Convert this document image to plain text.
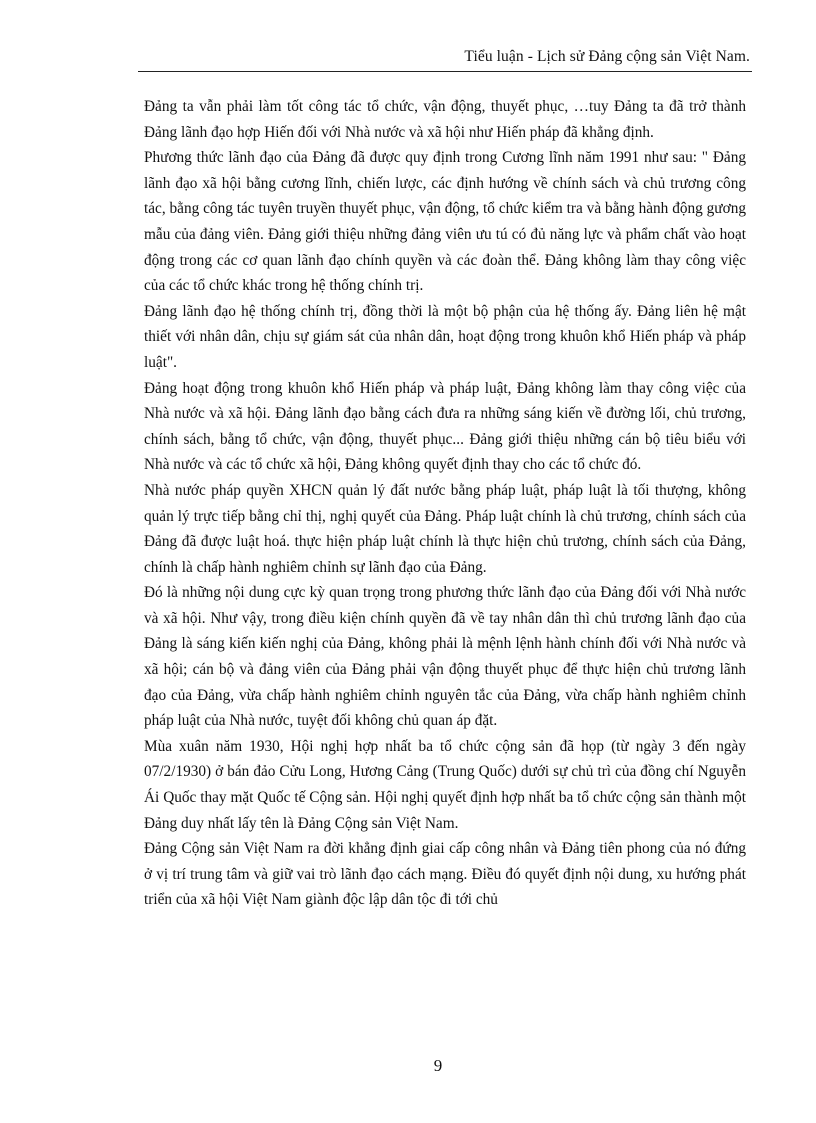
Tiểu luận - Lịch sử Đảng cộng sản Việt Nam.

Đảng ta vẫn phải làm tốt công tác tổ chức, vận động, thuyết phục, …tuy Đảng ta đã trở thành Đảng lãnh đạo hợp Hiến đối với Nhà nước và xã hội như Hiến pháp đã khẳng định.

Phương thức lãnh đạo của Đảng đã được quy định trong Cương lĩnh năm 1991 như sau: " Đảng lãnh đạo xã hội bằng cương lĩnh, chiến lược, các định hướng về chính sách và chủ trương công tác, bằng công tác tuyên truyền thuyết phục, vận động, tổ chức kiểm tra và bằng hành động gương mẫu của đảng viên. Đảng giới thiệu những đảng viên ưu tú có đủ năng lực và phẩm chất vào hoạt động trong các cơ quan lãnh đạo chính quyền và các đoàn thể. Đảng không làm thay công việc của các tổ chức khác trong hệ thống chính trị.

Đảng lãnh đạo hệ thống chính trị, đồng thời là một bộ phận của hệ thống ấy. Đảng liên hệ mật thiết với nhân dân, chịu sự giám sát của nhân dân, hoạt động trong khuôn khổ Hiến pháp và pháp luật".

Đảng hoạt động trong khuôn khổ Hiến pháp và pháp luật, Đảng không làm thay công việc của Nhà nước và xã hội. Đảng lãnh đạo bằng cách đưa ra những sáng kiến về đường lối, chủ trương, chính sách, bằng tổ chức, vận động, thuyết phục... Đảng giới thiệu những cán bộ tiêu biểu với Nhà nước và các tổ chức xã hội, Đảng không quyết định thay cho các tổ chức đó.

Nhà nước pháp quyền XHCN quản lý đất nước bằng pháp luật, pháp luật là tối thượng, không quản lý trực tiếp bằng chỉ thị, nghị quyết của Đảng. Pháp luật chính là chủ trương, chính sách của Đảng đã được luật hoá. thực hiện pháp luật chính là thực hiện chủ trương, chính sách của Đảng, chính là chấp hành nghiêm chỉnh sự lãnh đạo của Đảng.

Đó là những nội dung cực kỳ quan trọng trong phương thức lãnh đạo của Đảng đối với Nhà nước và xã hội. Như vậy, trong điều kiện chính quyền đã về tay nhân dân thì chủ trương lãnh đạo của Đảng là sáng kiến kiến nghị của Đảng, không phải là mệnh lệnh hành chính đối với Nhà nước và xã hội; cán bộ và đảng viên của Đảng phải vận động thuyết phục để thực hiện chủ trương lãnh đạo của Đảng, vừa chấp hành nghiêm chỉnh nguyên tắc của Đảng, vừa chấp hành nghiêm chỉnh pháp luật của Nhà nước, tuyệt đối không chủ quan áp đặt.

Mùa xuân năm 1930, Hội nghị hợp nhất ba tổ chức cộng sản đã họp (từ ngày 3 đến ngày 07/2/1930) ở bán đảo Cửu Long, Hương Cảng (Trung Quốc) dưới sự chủ trì của đồng chí Nguyễn Ái Quốc thay mặt Quốc tế Cộng sản. Hội nghị quyết định hợp nhất ba tổ chức cộng sản thành một Đảng duy nhất lấy tên là Đảng Cộng sản Việt Nam.

Đảng Cộng sản Việt Nam ra đời khẳng định giai cấp công nhân và Đảng tiên phong của nó đứng ở vị trí trung tâm và giữ vai trò lãnh đạo cách mạng. Điều đó quyết định nội dung, xu hướng phát triển của xã hội Việt Nam giành độc lập dân tộc đi tới chủ

9
